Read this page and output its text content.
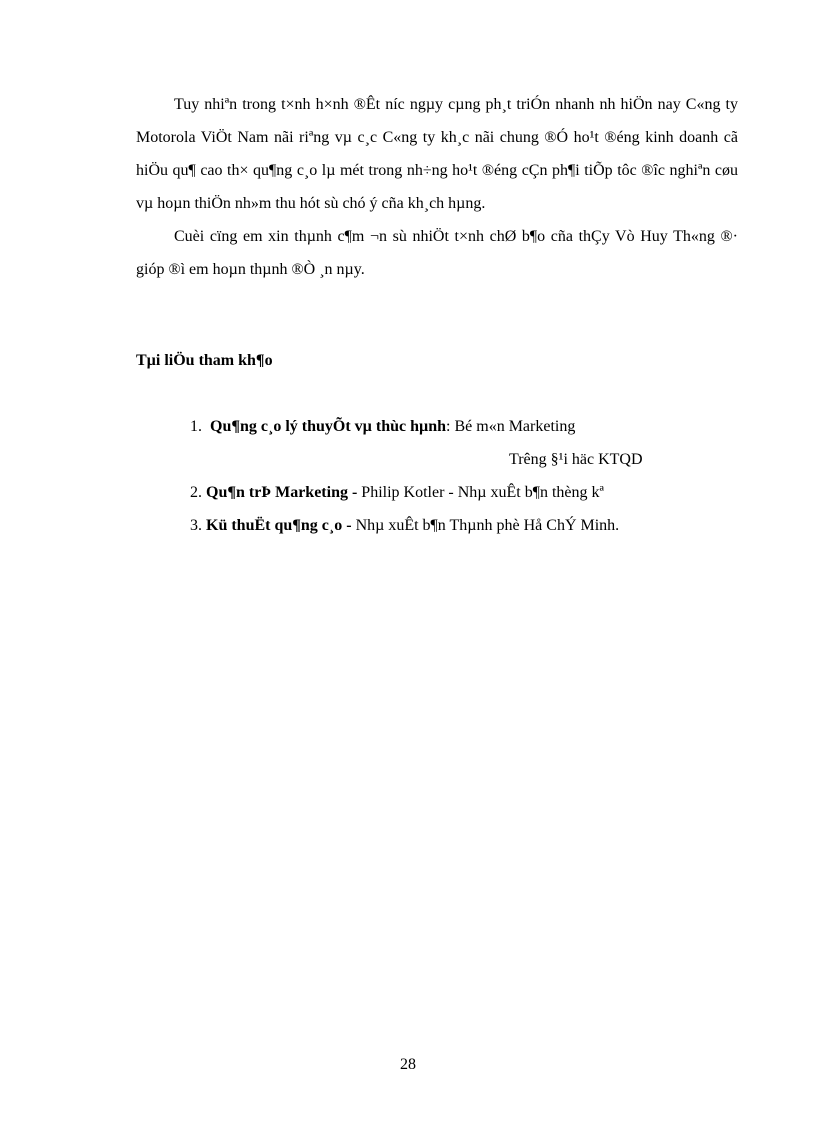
Tuy nhiªn trong t×nh h×nh ®Êt níc ngµy cµng ph¸t triÓn nhanh nh hiÖn nay C«ng ty Motorola ViÖt Nam nãi riªng vµ c¸c C«ng ty kh¸c nãi chung ®Ó ho¹t ®éng kinh doanh cã hiÖu qu¶ cao th× qu¶ng c¸o lµ mét trong nh÷ng ho¹t ®éng cÇn ph¶i tiÕp tôc ®îc nghiªn cøu vµ hoµn thiÖn nh»m thu hót sù chó ý cña kh¸ch hµng.

Cuèi cïng em xin thµnh c¶m ¬n sù nhiÖt t×nh chØ b¶o cña thÇy Vò Huy Th«ng ®· gióp ®ì em hoµn thµnh ®Ò ¸n nµy.

Tµi liÖu tham kh¶o
1. Qu¶ng c¸o lý thuyÕt vµ thùc hµnh: Bé m«n Marketing
Trêng §¹i häc KTQD
2. Qu¶n trÞ Marketing - Philip Kotler - Nhµ xuÊt b¶n thèng kª
3. Kü thuËt qu¶ng c¸o - Nhµ xuÊt b¶n Thµnh phè Hå ChÝ Minh.
28
